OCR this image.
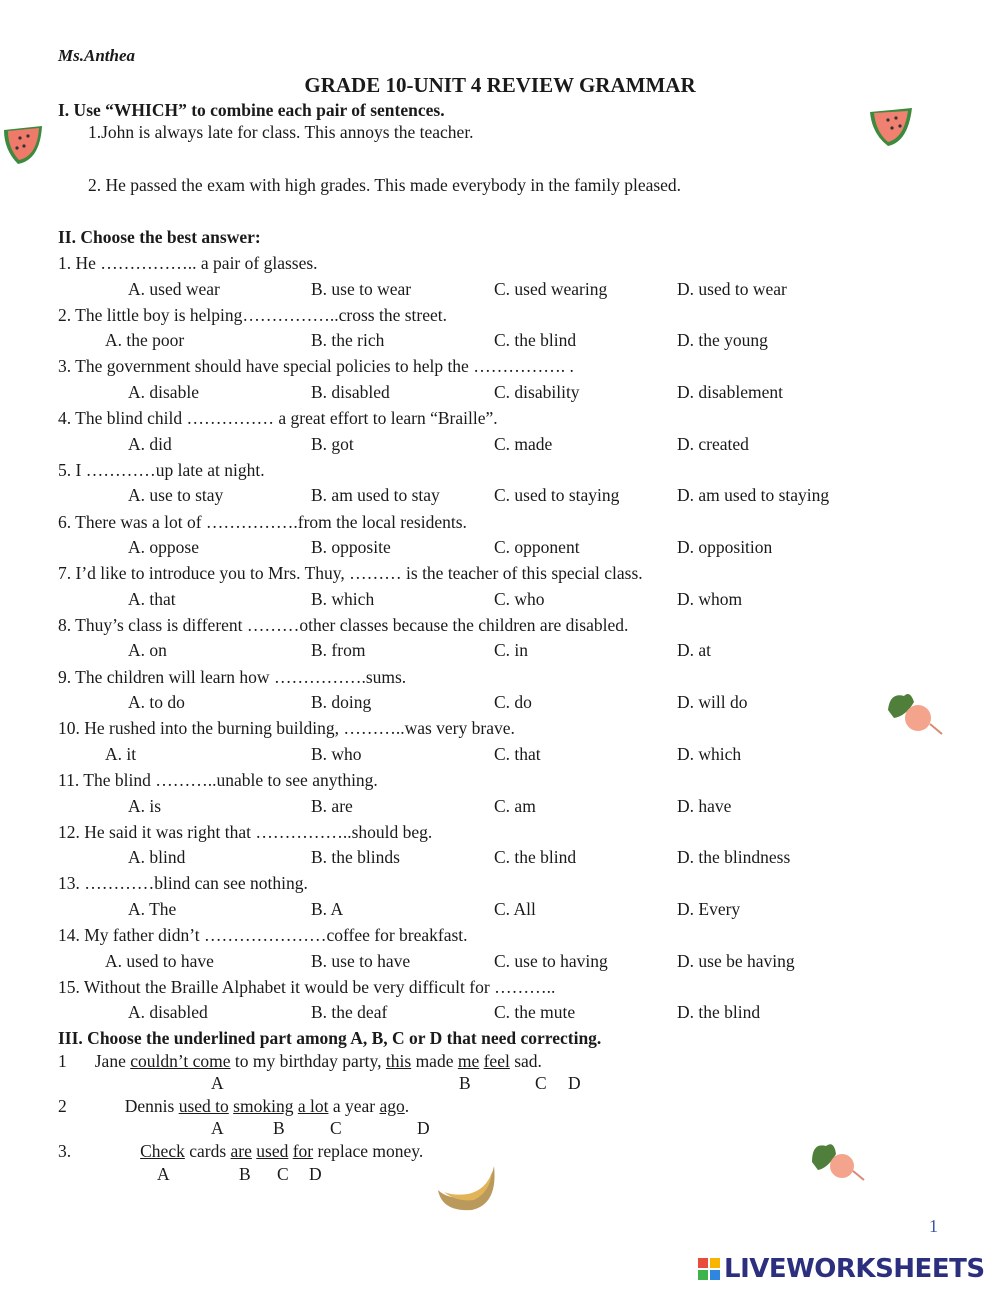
Ms.Anthea
GRADE 10-UNIT 4 REVIEW GRAMMAR
I. Use “WHICH” to combine each pair of sentences.
1.John is always late for class. This annoys the teacher.
2. He passed the exam with high grades. This made everybody in the family pleased.
II. Choose the best answer:
1. He …………….. a pair of glasses.
A. used wear	B. use to wear	C. used wearing	D. used to wear
2. The little boy is helping……………..cross the street.
A. the poor	B. the rich	C. the blind	D. the young
3. The government should have special policies to help the ……………. .
A. disable	B. disabled	C. disability	D. disablement
4. The blind child …………… a great effort to learn “Braille”.
A. did	B. got	C. made	D. created
5. I …………up late at night.
A. use to stay	B. am used to stay	C. used to staying	D. am used to staying
6. There was a lot of …………….from the local residents.
A. oppose	B. opposite	C. opponent	D. opposition
7. I’d like to introduce you to Mrs. Thuy, ……… is the teacher of this special class.
A. that	B. which	C. who	D. whom
8. Thuy’s class is different ………other classes because the children are disabled.
A. on	B. from	C. in	D. at
9. The children will learn how …………….sums.
A. to do	B. doing	C. do	D. will do
10. He rushed into the burning building, ………..was very brave.
A. it	B. who	C. that	D. which
11. The blind ………..unable to see anything.
A. is	B. are	C. am	D. have
12. He said it was right that ……………..should beg.
A. blind	B. the blinds	C. the blind	D. the blindness
13. …………blind can see nothing.
A. The	B. A	C. All	D. Every
14. My father didn’t …………………coffee for breakfast.
A. used to have	B. use to have	C. use to having	D. use be having
15. Without the Braille Alphabet it would be very difficult for ………..
A. disabled	B. the deaf	C. the mute	D. the blind
III. Choose the underlined part among A, B, C or D that need correcting.
1 Jane couldn’t come to my birthday party, this made me feel sad.
A	B	C D
2	Dennis used to smoking a lot a year ago.
A	B	C	D
3.	Check cards are used for replace money.
A	B C D
1
LIVEWORKSHEETS
